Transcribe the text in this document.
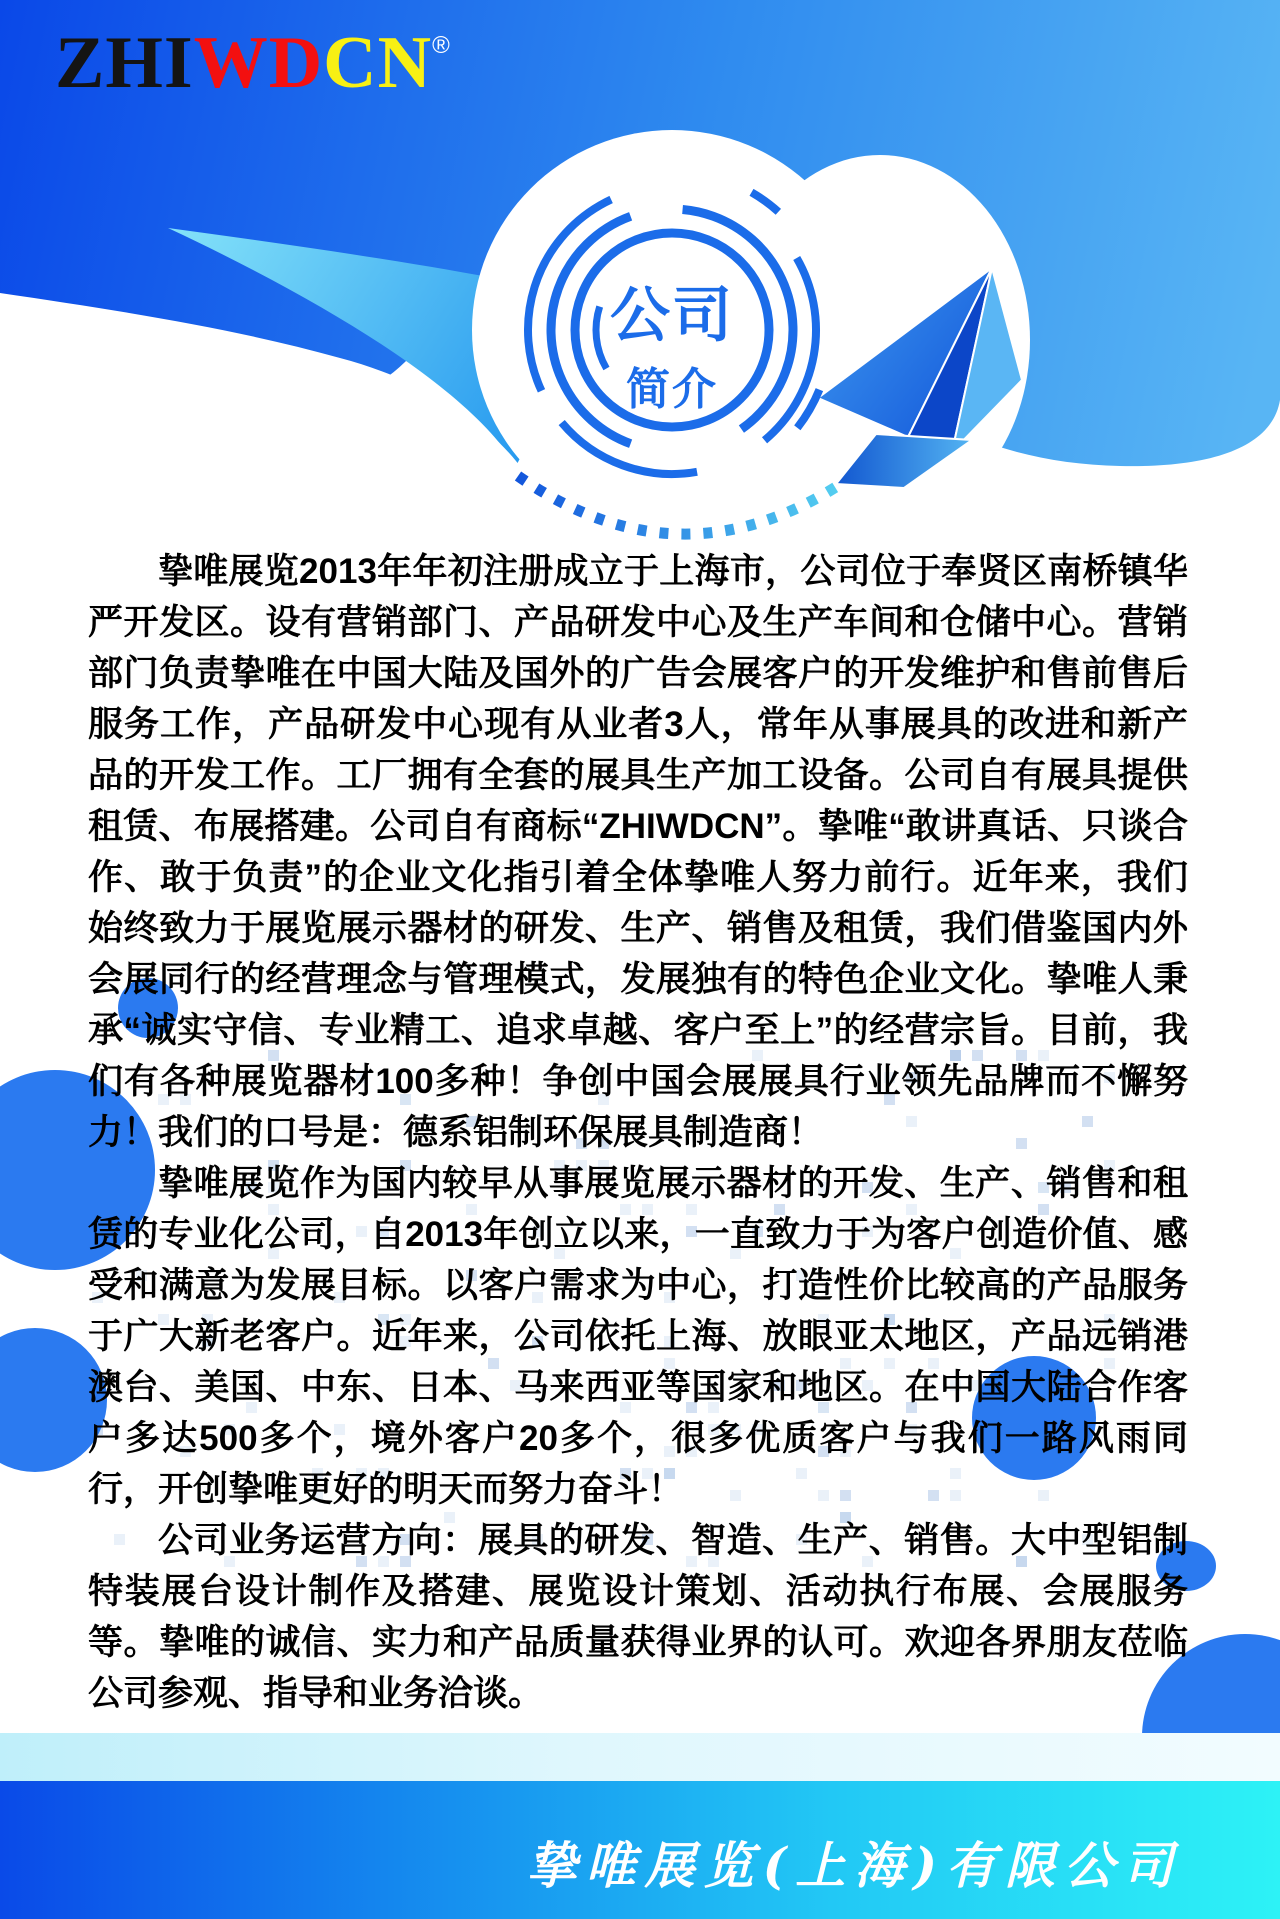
公司
简介
ZHIWDCN®

挚唯展览2013年年初注册成立于上海市，公司位于奉贤区南桥镇华严开发区。设有营销部门、产品研发中心及生产车间和仓储中心。营销部门负责挚唯在中国大陆及国外的广告会展客户的开发维护和售前售后服务工作，产品研发中心现有从业者3人，常年从事展具的改进和新产品的开发工作。工厂拥有全套的展具生产加工设备。公司自有展具提供租赁、布展搭建。公司自有商标“ZHIWDCN”。挚唯“敢讲真话、只谈合作、敢于负责”的企业文化指引着全体挚唯人努力前行。近年来，我们始终致力于展览展示器材的研发、生产、销售及租赁，我们借鉴国内外会展同行的经营理念与管理模式，发展独有的特色企业文化。挚唯人秉承“诚实守信、专业精工、追求卓越、客户至上”的经营宗旨。目前，我们有各种展览器材100多种！争创中国会展展具行业领先品牌而不懈努力！我们的口号是：德系铝制环保展具制造商！

挚唯展览作为国内较早从事展览展示器材的开发、生产、销售和租赁的专业化公司，自2013年创立以来，一直致力于为客户创造价值、感受和满意为发展目标。以客户需求为中心，打造性价比较高的产品服务于广大新老客户。近年来，公司依托上海、放眼亚太地区，产品远销港澳台、美国、中东、日本、马来西亚等国家和地区。在中国大陆合作客户多达500多个，境外客户20多个，很多优质客户与我们一路风雨同行，开创挚唯更好的明天而努力奋斗！

公司业务运营方向：展具的研发、智造、生产、销售。大中型铝制特装展台设计制作及搭建、展览设计策划、活动执行布展、会展服务等。挚唯的诚信、实力和产品质量获得业界的认可。欢迎各界朋友莅临公司参观、指导和业务洽谈。

挚唯展览(上海)有限公司
